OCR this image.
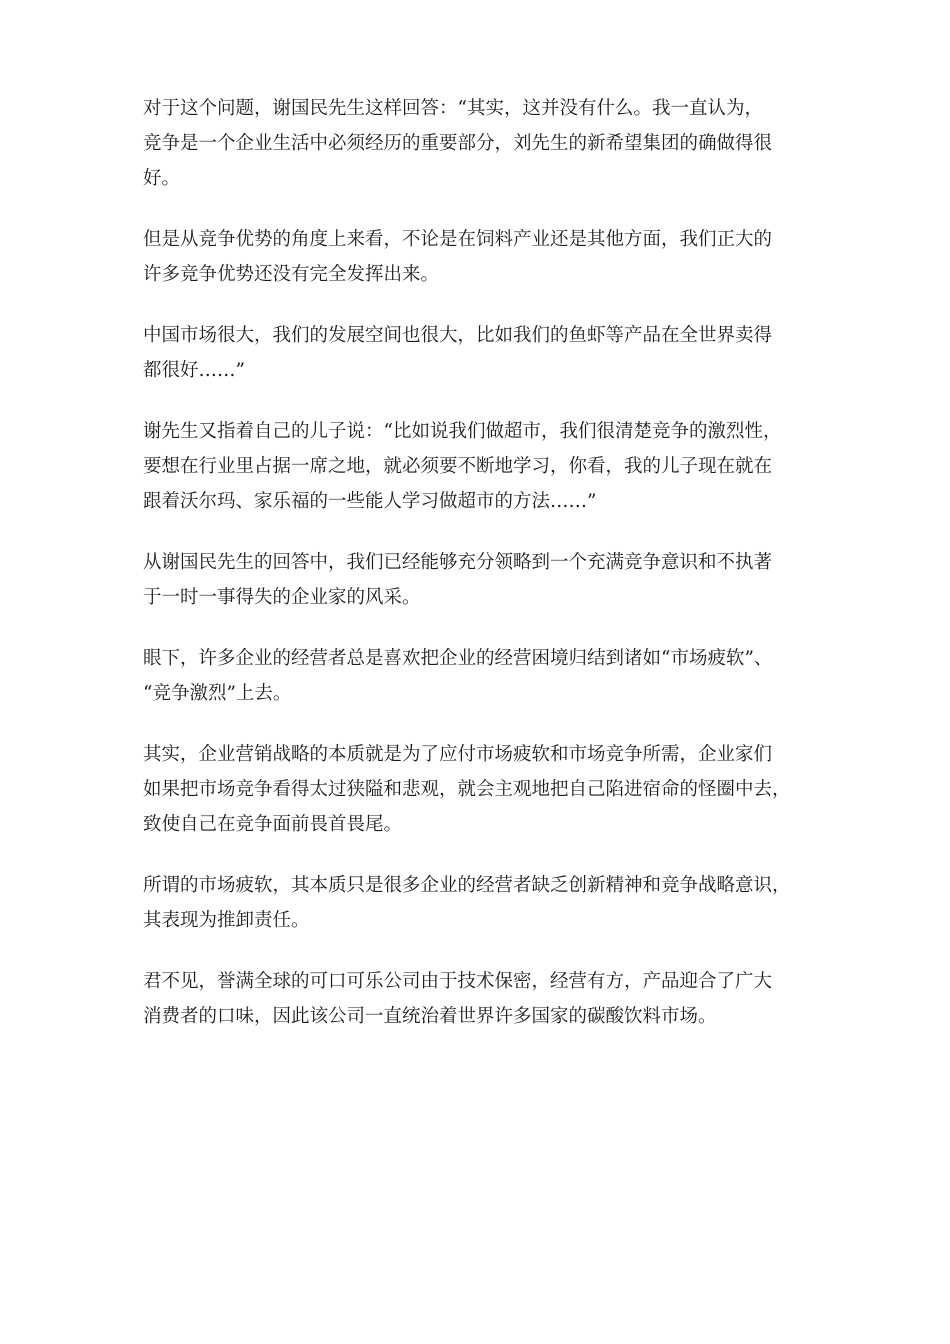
对于这个问题，谢国民先生这样回答：“其实，这并没有什么。我一直认为，
竞争是一个企业生活中必须经历的重要部分，刘先生的新希望集团的确做得很
好。

但是从竞争优势的角度上来看，不论是在饲料产业还是其他方面，我们正大的
许多竞争优势还没有完全发挥出来。

中国市场很大，我们的发展空间也很大，比如我们的鱼虾等产品在全世界卖得
都很好……”

谢先生又指着自己的儿子说：“比如说我们做超市，我们很清楚竞争的激烈性，
要想在行业里占据一席之地，就必须要不断地学习，你看，我的儿子现在就在
跟着沃尔玛、家乐福的一些能人学习做超市的方法……”

从谢国民先生的回答中，我们已经能够充分领略到一个充满竞争意识和不执著
于一时一事得失的企业家的风采。

眼下，许多企业的经营者总是喜欢把企业的经营困境归结到诸如“市场疲软”、
“竞争激烈”上去。

其实，企业营销战略的本质就是为了应付市场疲软和市场竞争所需，企业家们
如果把市场竞争看得太过狭隘和悲观，就会主观地把自己陷进宿命的怪圈中去，
致使自己在竞争面前畏首畏尾。

所谓的市场疲软，其本质只是很多企业的经营者缺乏创新精神和竞争战略意识，
其表现为推卸责任。

君不见，誉满全球的可口可乐公司由于技术保密，经营有方，产品迎合了广大
消费者的口味，因此该公司一直统治着世界许多国家的碳酸饮料市场。
